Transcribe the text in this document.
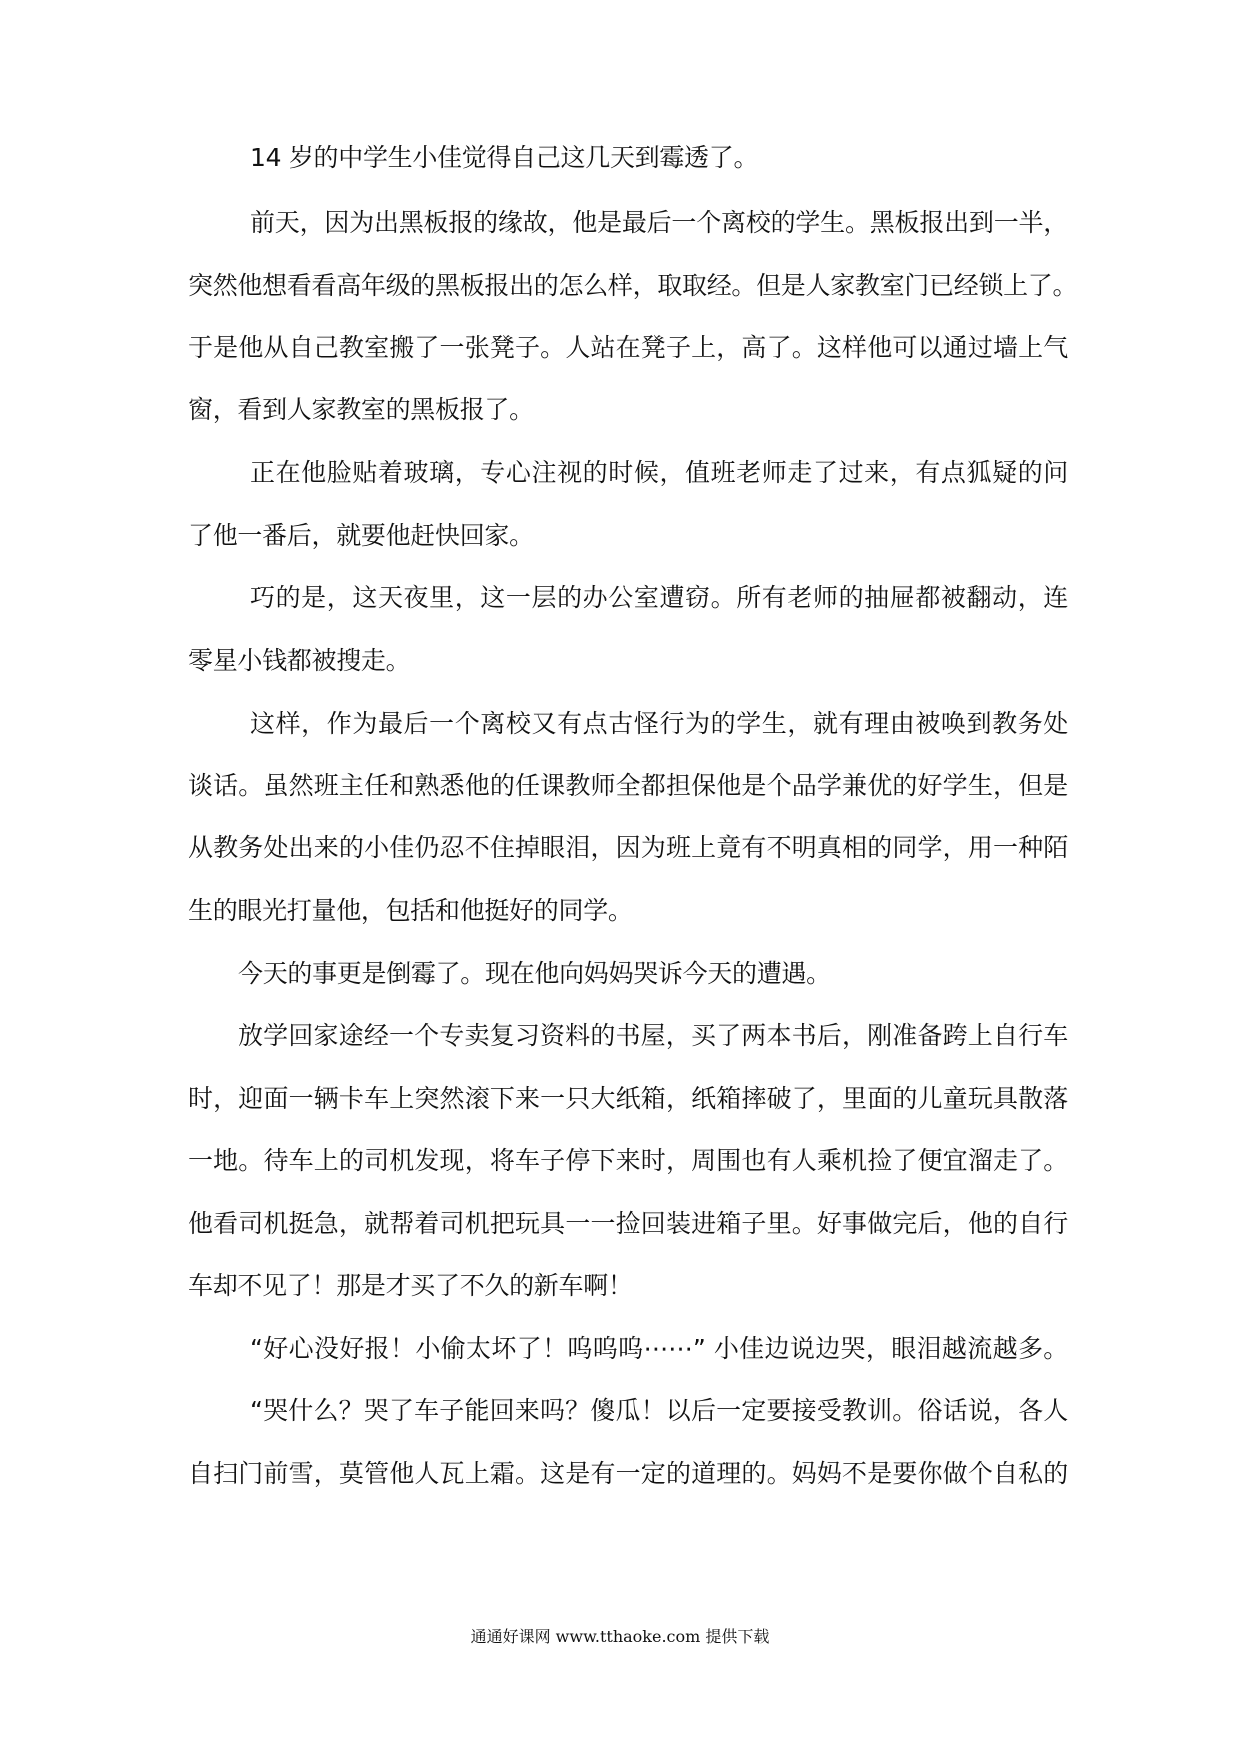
14 岁的中学生小佳觉得自己这几天到霉透了。
前天，因为出黑板报的缘故，他是最后一个离校的学生。黑板报出到一半，
突然他想看看高年级的黑板报出的怎么样，取取经。但是人家教室门已经锁上了。
于是他从自己教室搬了一张凳子。人站在凳子上，高了。这样他可以通过墙上气
窗，看到人家教室的黑板报了。
正在他脸贴着玻璃，专心注视的时候，值班老师走了过来，有点狐疑的问
了他一番后，就要他赶快回家。
巧的是，这天夜里，这一层的办公室遭窃。所有老师的抽屉都被翻动，连
零星小钱都被搜走。
这样，作为最后一个离校又有点古怪行为的学生，就有理由被唤到教务处
谈话。虽然班主任和熟悉他的任课教师全都担保他是个品学兼优的好学生，但是
从教务处出来的小佳仍忍不住掉眼泪，因为班上竟有不明真相的同学，用一种陌
生的眼光打量他，包括和他挺好的同学。
今天的事更是倒霉了。现在他向妈妈哭诉今天的遭遇。
放学回家途经一个专卖复习资料的书屋，买了两本书后，刚准备跨上自行车
时，迎面一辆卡车上突然滚下来一只大纸箱，纸箱摔破了，里面的儿童玩具散落
一地。待车上的司机发现，将车子停下来时，周围也有人乘机捡了便宜溜走了。
他看司机挺急，就帮着司机把玩具一一捡回装进箱子里。好事做完后，他的自行
车却不见了！那是才买了不久的新车啊！
“好心没好报！小偷太坏了！呜呜呜⋯⋯” 小佳边说边哭，眼泪越流越多。
“哭什么？哭了车子能回来吗？傻瓜！以后一定要接受教训。俗话说，各人
自扫门前雪，莫管他人瓦上霜。这是有一定的道理的。妈妈不是要你做个自私的
通通好课网 www.tthaoke.com 提供下载
